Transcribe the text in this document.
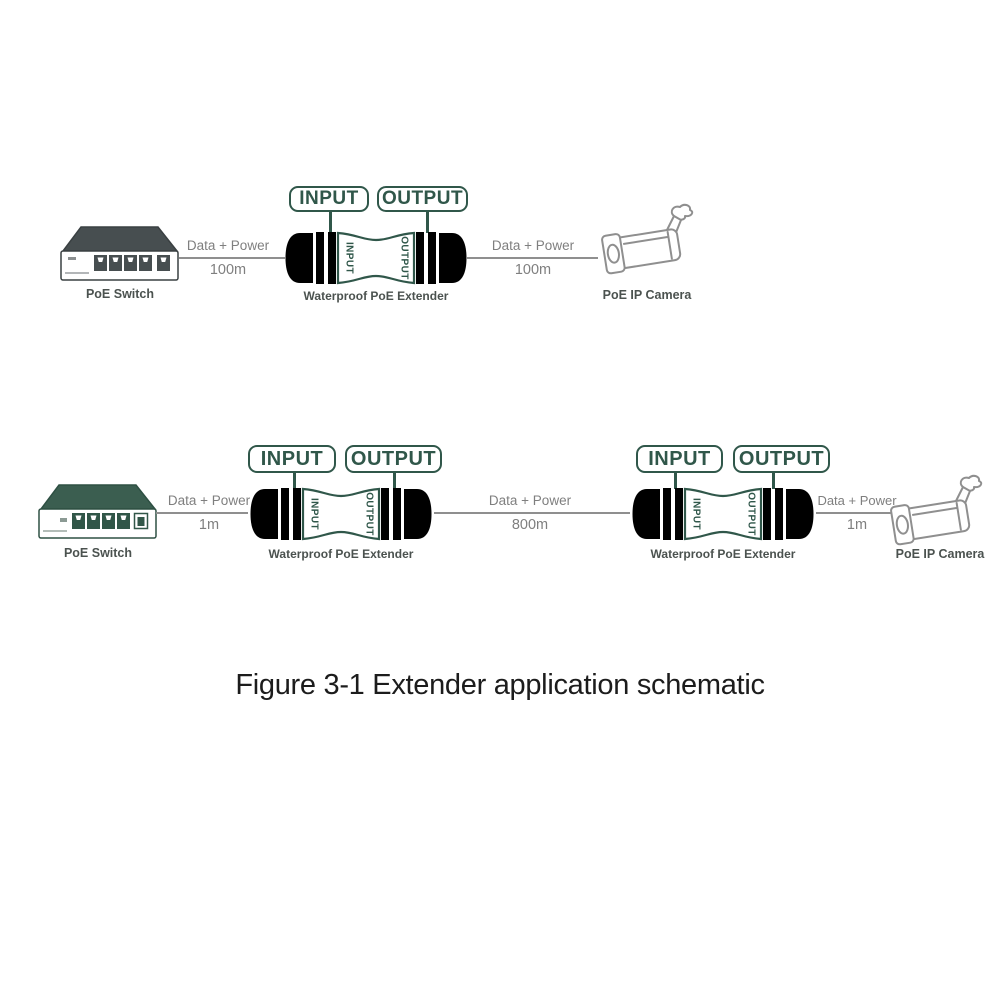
PoE Switch
Data + Power
100m
INPUT	OUTPUT
INPUT	OUTPUT
Waterproof PoE Extender
Data + Power
100m
PoE IP Camera
PoE Switch
Data + Power
1m
INPUT	OUTPUT
INPUT	OUTPUT
Waterproof PoE Extender
Data + Power
800m
INPUT	OUTPUT
INPUT	OUTPUT
Waterproof PoE Extender
Data + Power
1m
PoE IP Camera
Figure 3-1 Extender application schematic
